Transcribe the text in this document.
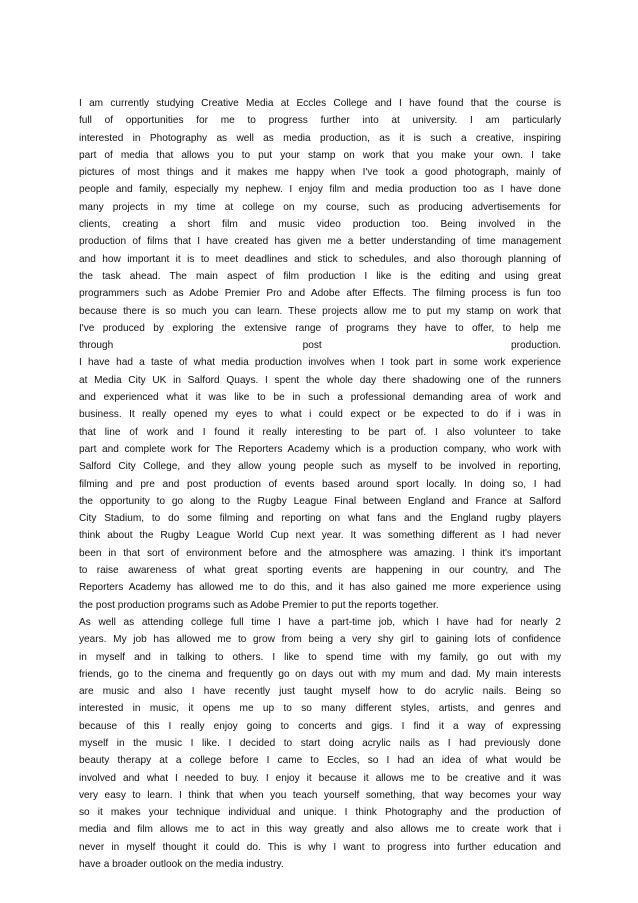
I am currently studying Creative Media at Eccles College and I have found that the course is
full of opportunities for me to progress further into at university. I am particularly
interested in Photography as well as media production, as it is such a creative, inspiring
part of media that allows you to put your stamp on work that you make your own. I take
pictures of most things and it makes me happy when I've took a good photograph, mainly of
people and family, especially my nephew. I enjoy film and media production too as I have done
many projects in my time at college on my course, such as producing advertisements for
clients, creating a short film and music video production too. Being involved in the
production of films that I have created has given me a better understanding of time management
and how important it is to meet deadlines and stick to schedules, and also thorough planning of
the task ahead. The main aspect of film production I like is the editing and using great
programmers such as Adobe Premier Pro and Adobe after Effects. The filming process is fun too
because there is so much you can learn. These projects allow me to put my stamp on work that
I've produced by exploring the extensive range of programs they have to offer, to help me
through post production.
I have had a taste of what media production involves when I took part in some work experience
at Media City UK in Salford Quays. I spent the whole day there shadowing one of the runners
and experienced what it was like to be in such a professional demanding area of work and
business. It really opened my eyes to what i could expect or be expected to do if i was in
that line of work and I found it really interesting to be part of. I also volunteer to take
part and complete work for The Reporters Academy which is a production company, who work with
Salford City College, and they allow young people such as myself to be involved in reporting,
filming and pre and post production of events based around sport locally. In doing so, I had
the opportunity to go along to the Rugby League Final between England and France at Salford
City Stadium, to do some filming and reporting on what fans and the England rugby players
think about the Rugby League World Cup next year. It was something different as I had never
been in that sort of environment before and the atmosphere was amazing. I think it's important
to raise awareness of what great sporting events are happening in our country, and The
Reporters Academy has allowed me to do this, and it has also gained me more experience using
the post production programs such as Adobe Premier to put the reports together.
As well as attending college full time I have a part-time job, which I have had for nearly 2
years. My job has allowed me to grow from being a very shy girl to gaining lots of confidence
in myself and in talking to others. I like to spend time with my family, go out with my
friends, go to the cinema and frequently go on days out with my mum and dad. My main interests
are music and also I have recently just taught myself how to do acrylic nails. Being so
interested in music, it opens me up to so many different styles, artists, and genres and
because of this I really enjoy going to concerts and gigs. I find it a way of expressing
myself in the music I like. I decided to start doing acrylic nails as I had previously done
beauty therapy at a college before I came to Eccles, so I had an idea of what would be
involved and what I needed to buy. I enjoy it because it allows me to be creative and it was
very easy to learn. I think that when you teach yourself something, that way becomes your way
so it makes your technique individual and unique. I think Photography and the production of
media and film allows me to act in this way greatly and also allows me to create work that i
never in myself thought it could do. This is why I want to progress into further education and
have a broader outlook on the media industry.
